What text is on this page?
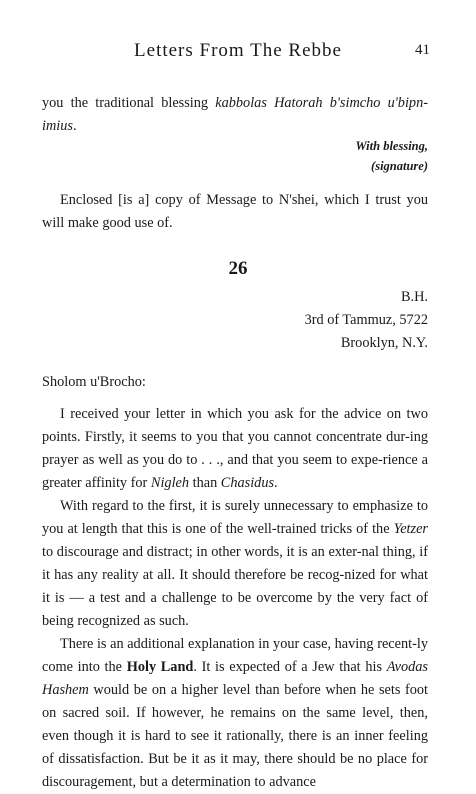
Letters From The Rebbe	41

you the traditional blessing kabbolas Hatorah b'simcho u'bipn-imius.

With blessing,
(signature)

Enclosed [is a] copy of Message to N'shei, which I trust you will make good use of.

26
B.H.
3rd of Tammuz, 5722
Brooklyn, N.Y.

Sholom u'Brocho:

I received your letter in which you ask for the advice on two points. Firstly, it seems to you that you cannot concentrate dur-ing prayer as well as you do to . . ., and that you seem to expe-rience a greater affinity for Nigleh than Chasidus.

With regard to the first, it is surely unnecessary to emphasize to you at length that this is one of the well-trained tricks of the Yetzer to discourage and distract; in other words, it is an exter-nal thing, if it has any reality at all. It should therefore be recog-nized for what it is — a test and a challenge to be overcome by the very fact of being recognized as such.

There is an additional explanation in your case, having recent-ly come into the Holy Land. It is expected of a Jew that his Avodas Hashem would be on a higher level than before when he sets foot on sacred soil. If however, he remains on the same level, then, even though it is hard to see it rationally, there is an inner feeling of dissatisfaction. But be it as it may, there should be no place for discouragement, but a determination to advance
